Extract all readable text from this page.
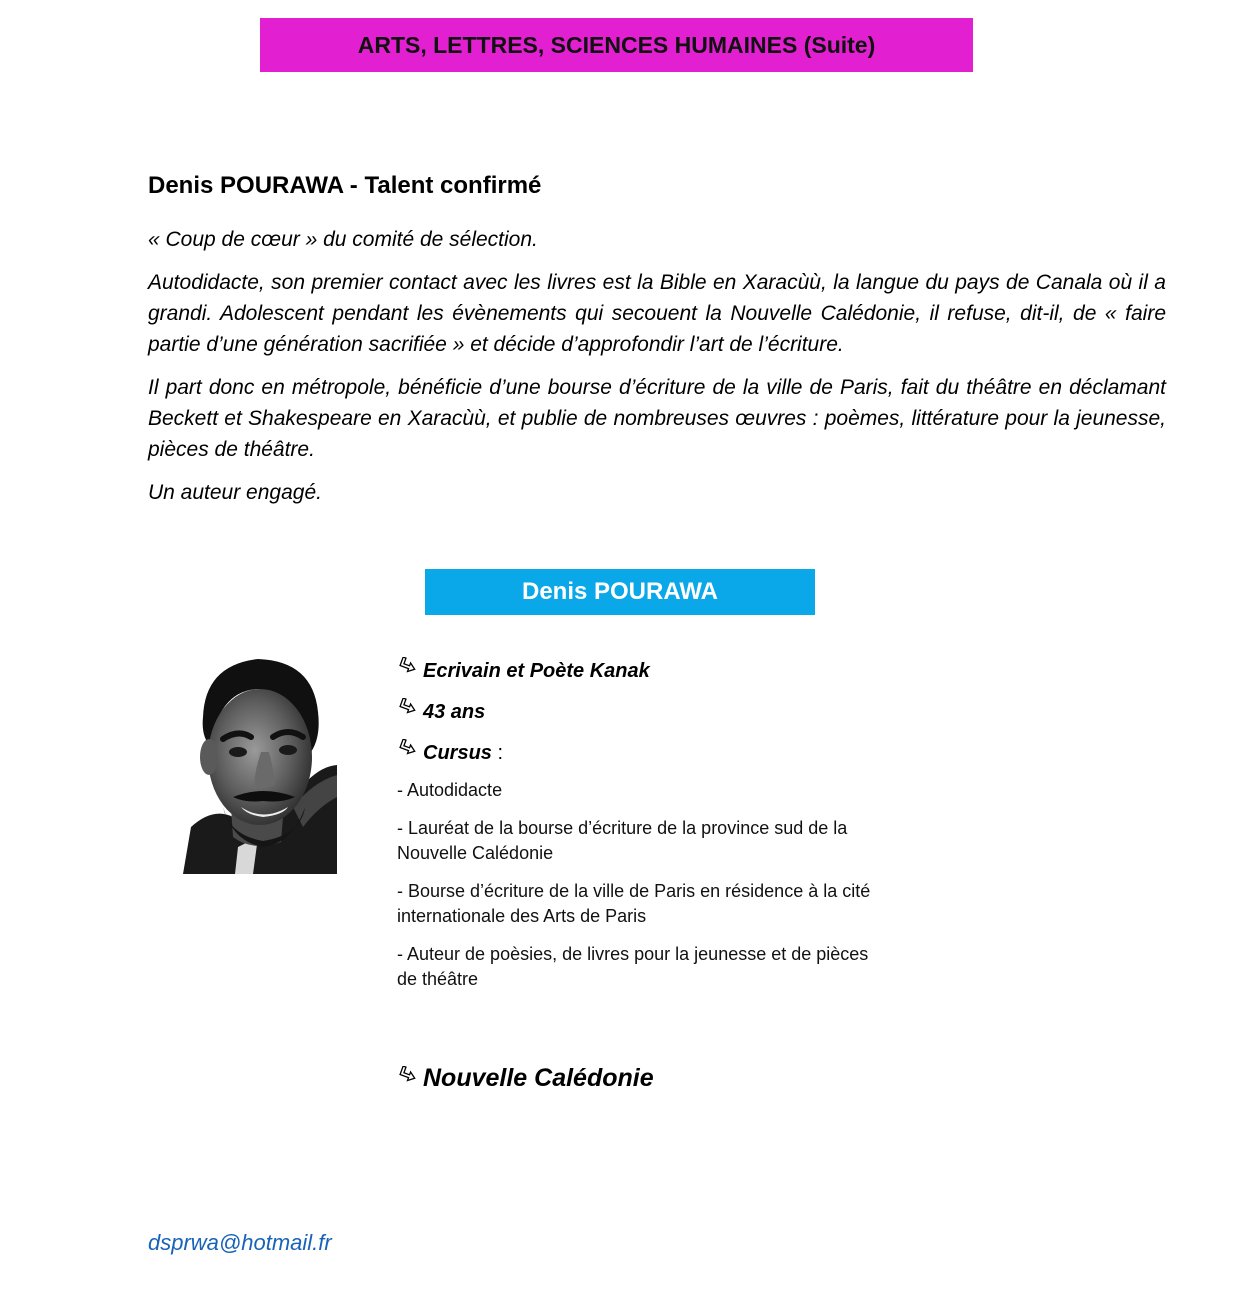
ARTS, LETTRES, SCIENCES HUMAINES (Suite)
Denis POURAWA - Talent confirmé

« Coup de cœur » du comité de sélection.

Autodidacte, son premier contact avec les livres est la Bible en Xaracùù, la langue du pays de Canala où il a grandi. Adolescent pendant les évènements qui secouent la Nouvelle Calédonie, il refuse, dit-il, de « faire partie d’une génération sacrifiée » et décide d’approfondir l’art de l’écriture.

Il part donc en métropole, bénéficie d’une bourse d’écriture de la ville de Paris, fait du théâtre en déclamant Beckett et Shakespeare en Xaracùù, et publie de nombreuses œuvres : poèmes, littérature pour la jeunesse, pièces de théâtre.

Un auteur engagé.

Denis POURAWA
Ecrivain et Poète Kanak
43 ans
Cursus :
- Autodidacte
- Lauréat de la bourse d’écriture de la province sud de la Nouvelle Calédonie
- Bourse d’écriture de la ville de Paris en résidence à la cité internationale des Arts de Paris
- Auteur de poèsies, de livres pour la jeunesse et de pièces de théâtre
Nouvelle Calédonie
dsprwa@hotmail.fr
